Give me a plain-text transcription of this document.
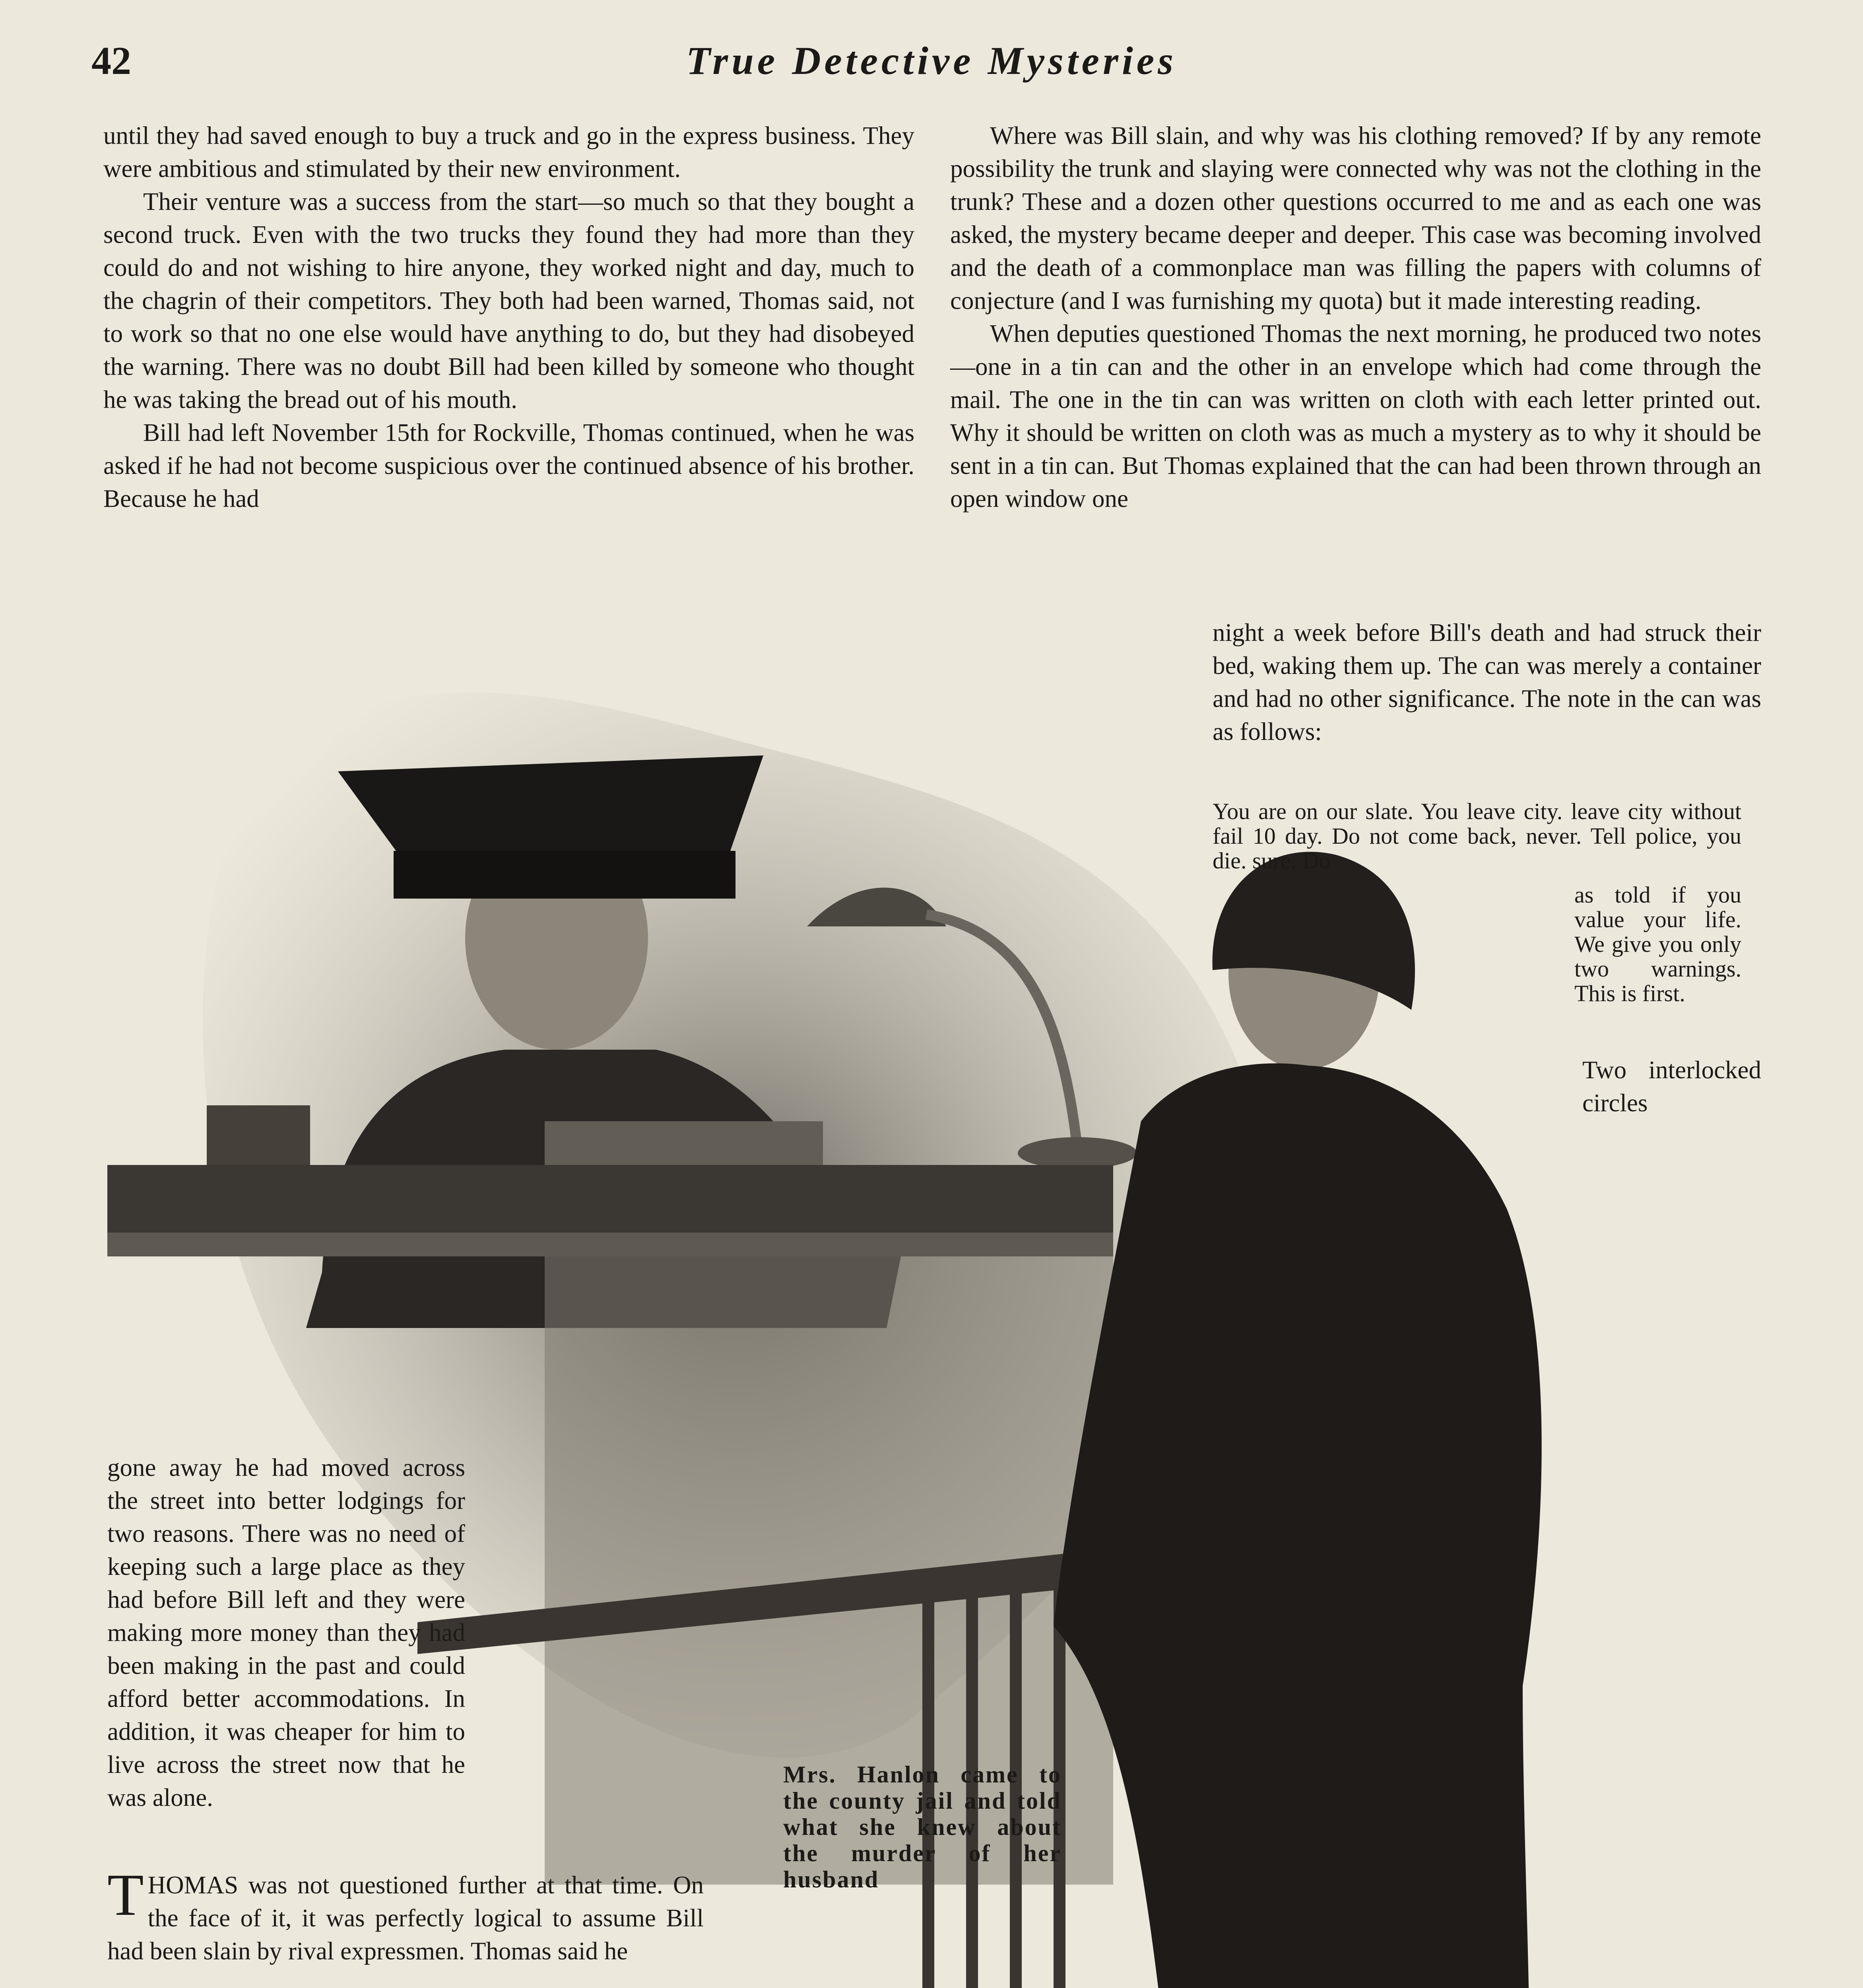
42	True Detective Mysteries

until they had saved enough to buy a truck and go in the express business. They were ambitious and stimulated by their new environment.

Their venture was a success from the start—so much so that they bought a second truck. Even with the two trucks they found they had more than they could do and not wishing to hire anyone, they worked night and day, much to the chagrin of their competitors. They both had been warned, Thomas said, not to work so that no one else would have anything to do, but they had disobeyed the warning. There was no doubt Bill had been killed by someone who thought he was taking the bread out of his mouth.

Bill had left November 15th for Rockville, Thomas continued, when he was asked if he had not become suspicious over the continued absence of his brother. Because he had

Where was Bill slain, and why was his clothing removed? If by any remote possibility the trunk and slaying were connected why was not the clothing in the trunk? These and a dozen other questions occurred to me and as each one was asked, the mystery became deeper and deeper. This case was becoming involved and the death of a commonplace man was filling the papers with columns of conjecture (and I was furnishing my quota) but it made interesting reading.

When deputies questioned Thomas the next morning, he produced two notes—one in a tin can and the other in an envelope which had come through the mail. The one in the tin can was written on cloth with each letter printed out. Why it should be written on cloth was as much a mystery as to why it should be sent in a tin can. But Thomas explained that the can had been thrown through an open window one

night a week before Bill's death and had struck their bed, waking them up. The can was merely a container and had no other significance. The note in the can was as follows:

You are on our slate. You leave city. leave city without fail 10 day. Do not come back, never. Tell police, you die. sure. Do
as told if you value your life. We give you only two warnings. This is first.

Two interlocked circles

gone away he had moved across the street into better lodgings for two reasons. There was no need of keeping such a large place as they had before Bill left and they were making more money than they had been making in the past and could afford better accommodations. In addition, it was cheaper for him to live across the street now that he was alone.

Mrs. Hanlon came to the county jail and told what she knew about the murder of her husband

THOMAS was not questioned further at that time. On the face of it, it was perfectly logical to assume Bill had been slain by rival expressmen. Thomas said he
